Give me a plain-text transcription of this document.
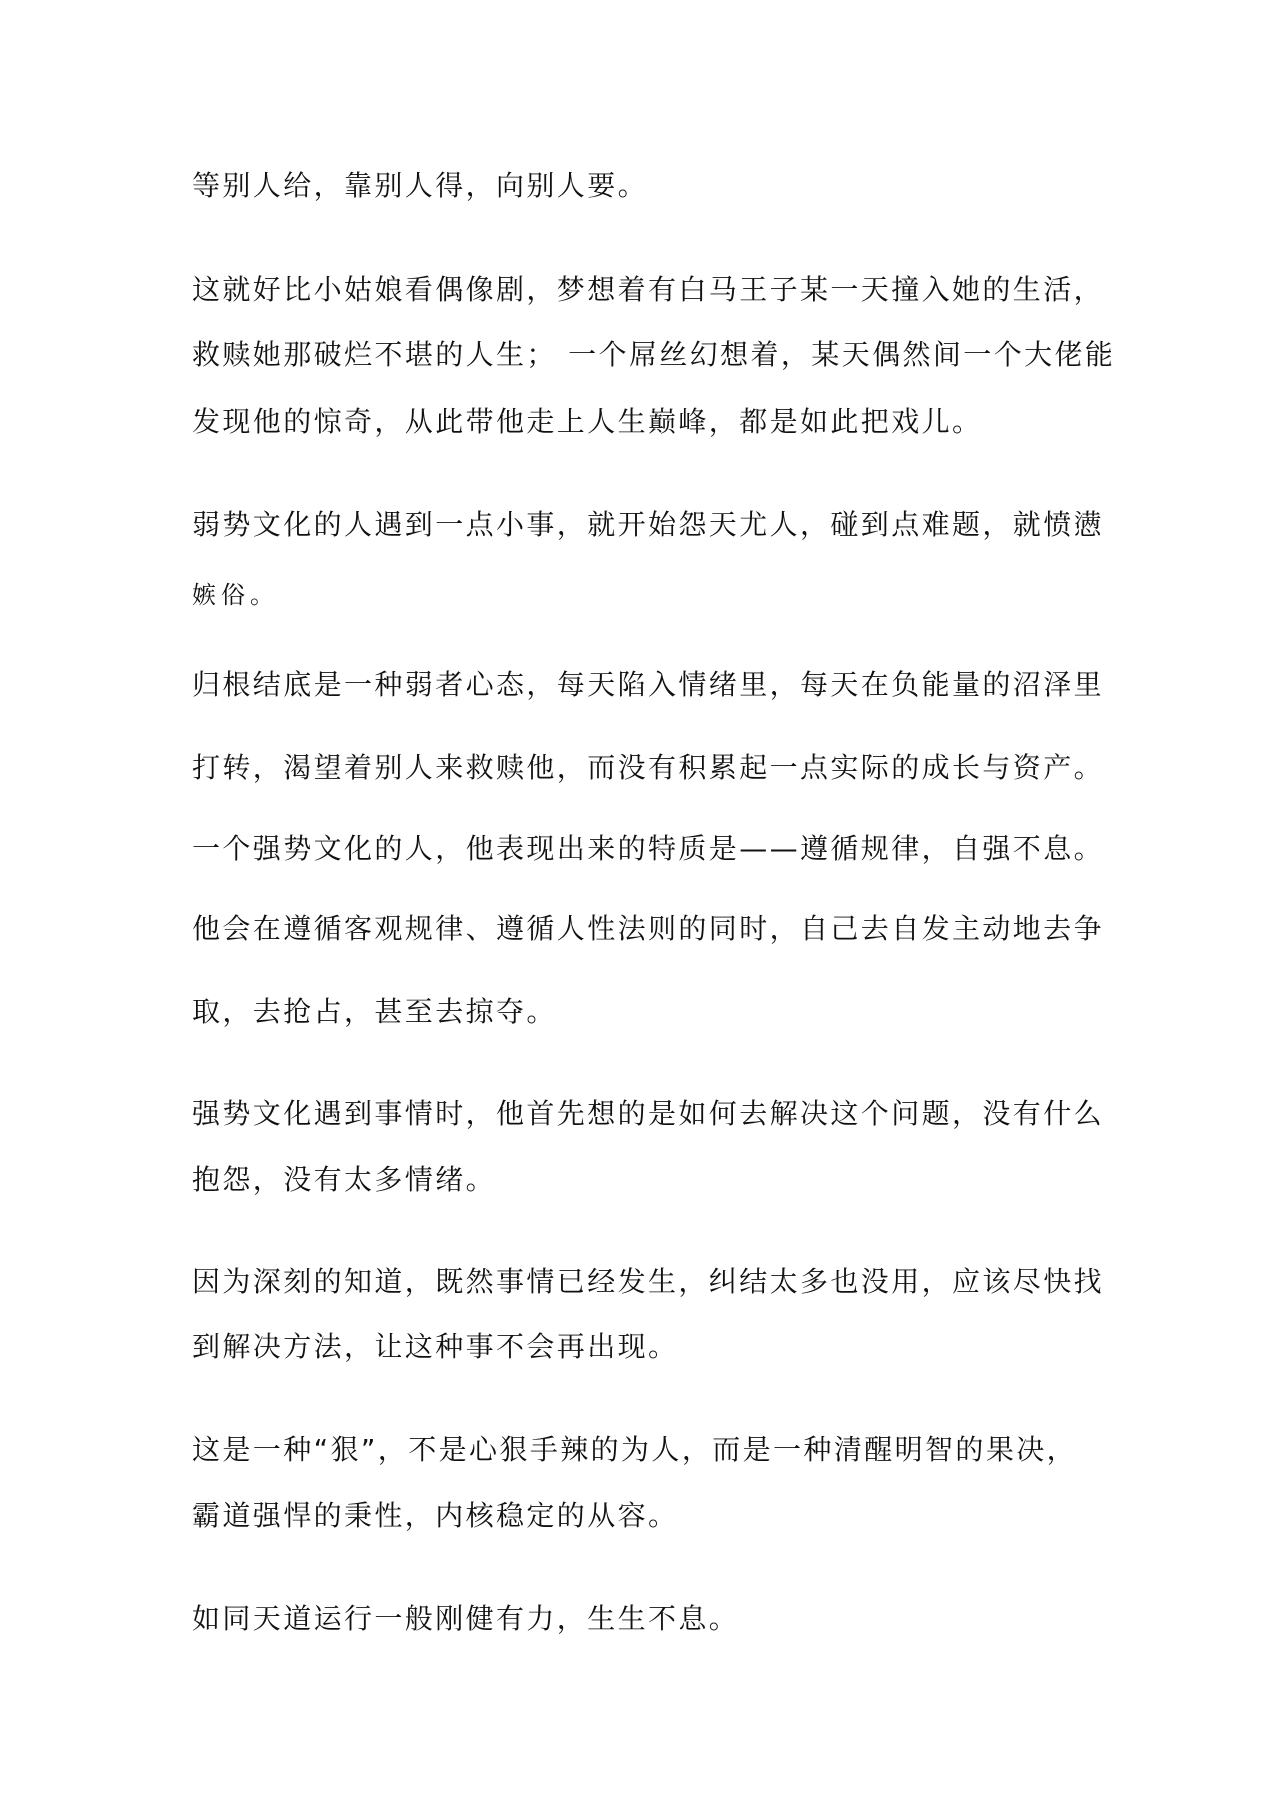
等别人给，靠别人得，向别人要。

这就好比小姑娘看偶像剧，梦想着有白马王子某一天撞入她的生活，

救赎她那破烂不堪的人生； 一个屌丝幻想着，某天偶然间一个大佬能

发现他的惊奇，从此带他走上人生巅峰，都是如此把戏儿。

弱势文化的人遇到一点小事，就开始怨天尤人，碰到点难题，就愤懑

嫉俗。

归根结底是一种弱者心态，每天陷入情绪里，每天在负能量的沼泽里

打转，渴望着别人来救赎他，而没有积累起一点实际的成长与资产。

一个强势文化的人，他表现出来的特质是——遵循规律，自强不息。

他会在遵循客观规律、遵循人性法则的同时，自己去自发主动地去争

取，去抢占，甚至去掠夺。

强势文化遇到事情时，他首先想的是如何去解决这个问题，没有什么

抱怨，没有太多情绪。

因为深刻的知道，既然事情已经发生，纠结太多也没用，应该尽快找

到解决方法，让这种事不会再出现。

这是一种“狠”，不是心狠手辣的为人，而是一种清醒明智的果决，

霸道强悍的秉性，内核稳定的从容。

如同天道运行一般刚健有力，生生不息。
